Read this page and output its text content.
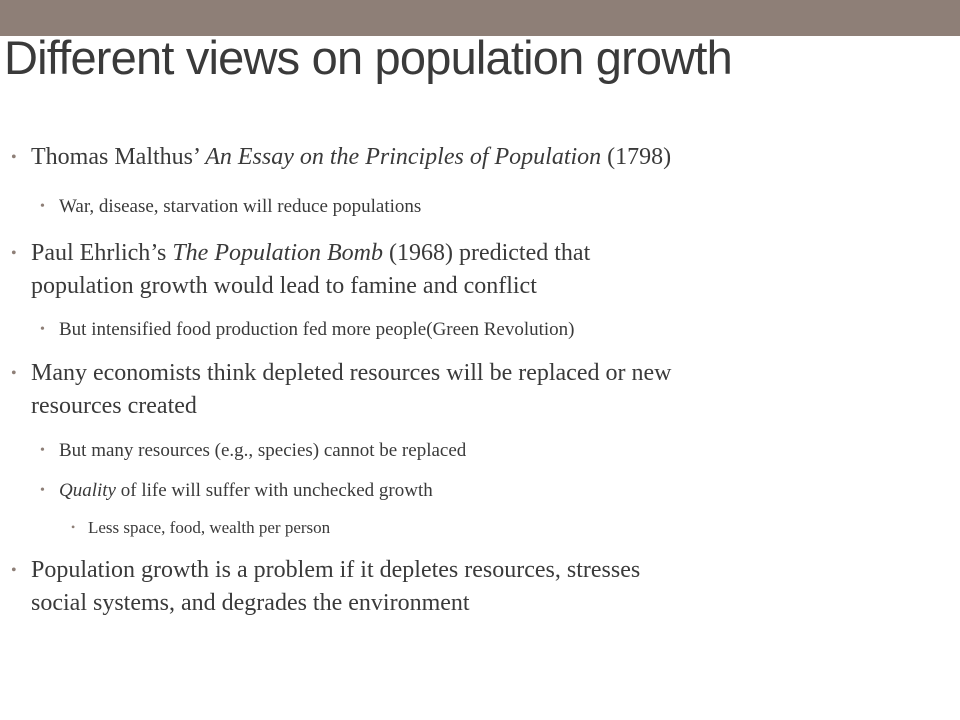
Different views on population growth
• Thomas Malthus’ An Essay on the Principles of Population (1798)
• War, disease, starvation will reduce populations
• Paul Ehrlich’s The Population Bomb (1968) predicted that
population growth would lead to famine and conflict
• But intensified food production fed more people(Green Revolution)
• Many economists think depleted resources will be replaced or new
resources created
• But many resources (e.g., species) cannot be replaced
• Quality of life will suffer with unchecked growth
• Less space, food, wealth per person
• Population growth is a problem if it depletes resources, stresses
social systems, and degrades the environment
